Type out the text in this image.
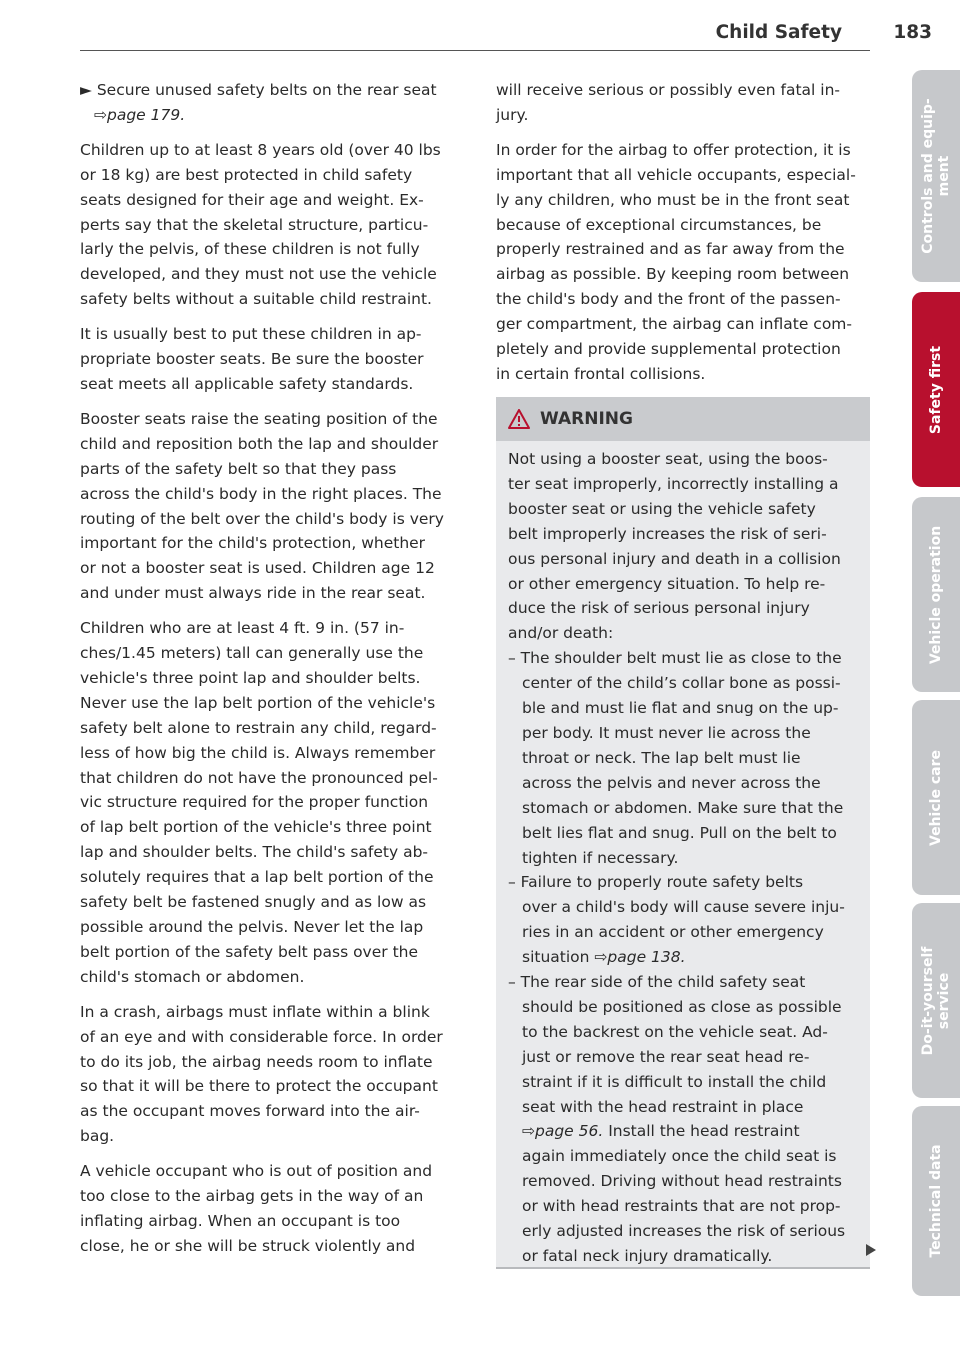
Child Safety	183

► Secure unused safety belts on the rear seat
⇨page 179.

Children up to at least 8 years old (over 40 lbs
or 18 kg) are best protected in child safety
seats designed for their age and weight. Ex-
perts say that the skeletal structure, particu-
larly the pelvis, of these children is not fully
developed, and they must not use the vehicle
safety belts without a suitable child restraint.

It is usually best to put these children in ap-
propriate booster seats. Be sure the booster
seat meets all applicable safety standards.

Booster seats raise the seating position of the
child and reposition both the lap and shoulder
parts of the safety belt so that they pass
across the child's body in the right places. The
routing of the belt over the child's body is very
important for the child's protection, whether
or not a booster seat is used. Children age 12
and under must always ride in the rear seat.

Children who are at least 4 ft. 9 in. (57 in-
ches/1.45 meters) tall can generally use the
vehicle's three point lap and shoulder belts.
Never use the lap belt portion of the vehicle's
safety belt alone to restrain any child, regard-
less of how big the child is. Always remember
that children do not have the pronounced pel-
vic structure required for the proper function
of lap belt portion of the vehicle's three point
lap and shoulder belts. The child's safety ab-
solutely requires that a lap belt portion of the
safety belt be fastened snugly and as low as
possible around the pelvis. Never let the lap
belt portion of the safety belt pass over the
child's stomach or abdomen.

In a crash, airbags must inflate within a blink
of an eye and with considerable force. In order
to do its job, the airbag needs room to inflate
so that it will be there to protect the occupant
as the occupant moves forward into the air-
bag.

A vehicle occupant who is out of position and
too close to the airbag gets in the way of an
inflating airbag. When an occupant is too
close, he or she will be struck violently and

will receive serious or possibly even fatal in-
jury.

In order for the airbag to offer protection, it is
important that all vehicle occupants, especial-
ly any children, who must be in the front seat
because of exceptional circumstances, be
properly restrained and as far away from the
airbag as possible. By keeping room between
the child's body and the front of the passen-
ger compartment, the airbag can inflate com-
pletely and provide supplemental protection
in certain frontal collisions.

WARNING
Not using a booster seat, using the boos-
ter seat improperly, incorrectly installing a
booster seat or using the vehicle safety
belt improperly increases the risk of seri-
ous personal injury and death in a collision
or other emergency situation. To help re-
duce the risk of serious personal injury
and/or death:
– The shoulder belt must lie as close to the
center of the child’s collar bone as possi-
ble and must lie flat and snug on the up-
per body. It must never lie across the
throat or neck. The lap belt must lie
across the pelvis and never across the
stomach or abdomen. Make sure that the
belt lies flat and snug. Pull on the belt to
tighten if necessary.
– Failure to properly route safety belts
over a child's body will cause severe inju-
ries in an accident or other emergency
situation ⇨page 138.
– The rear side of the child safety seat
should be positioned as close as possible
to the backrest on the vehicle seat. Ad-
just or remove the rear seat head re-
straint if it is difficult to install the child
seat with the head restraint in place
⇨page 56. Install the head restraint
again immediately once the child seat is
removed. Driving without head restraints
or with head restraints that are not prop-
erly adjusted increases the risk of serious
or fatal neck injury dramatically.
Controls and equip- ment
Safety first
Vehicle operation
Vehicle care
Do-it-yourself service
Technical data
